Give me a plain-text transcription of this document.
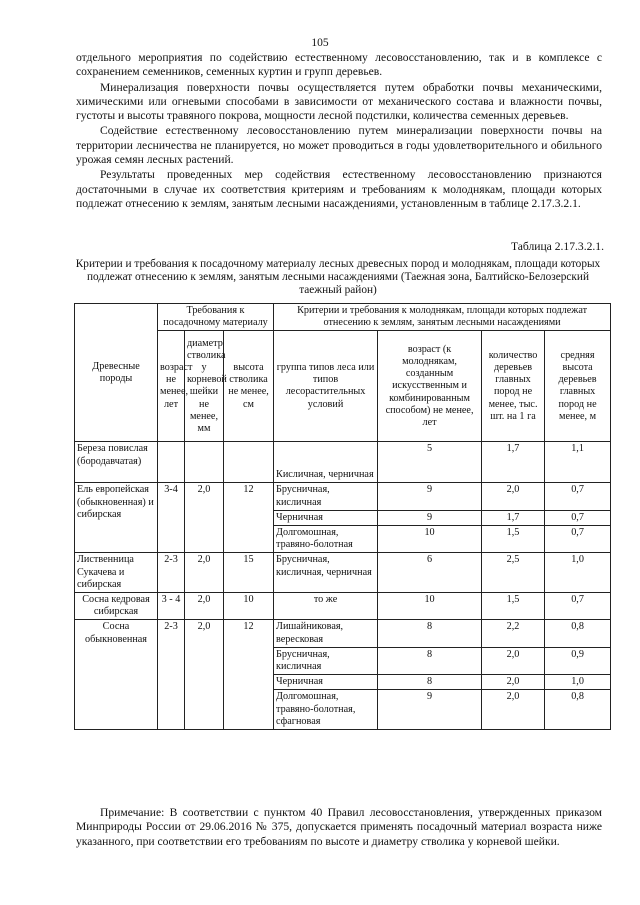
105

отдельного мероприятия по содействию естественному лесовосстановлению, так и в комплексе с сохранением семенников, семенных куртин и групп деревьев.

Минерализация поверхности почвы осуществляется путем обработки почвы механическими, химическими или огневыми способами в зависимости от механического состава и влажности почвы, густоты и высоты травяного покрова, мощности лесной подстилки, количества семенных деревьев.

Содействие естественному лесовосстановлению путем минерализации поверхности почвы на территории лесничества не планируется, но может проводиться в годы удовлетворительного и обильного урожая семян лесных растений.

Результаты проведенных мер содействия естественному лесовосстановлению признаются достаточными в случае их соответствия критериям и требованиям к молоднякам, площади которых подлежат отнесению к землям, занятым лесными насаждениями, установленным в таблице 2.17.3.2.1.

Таблица 2.17.3.2.1.
Критерии и требования к посадочному материалу лесных древесных пород и молоднякам, площади которых подлежат отнесению к землям, занятым лесными насаждениями (Таежная зона, Балтийско-Белозерский таежный район)
Древесные породы	Требования к посадочному материалу			Критерии и требования к молоднякам, площади которых подлежат отнесению к землям, занятым лесными насаждениями			
	возраст не менее, лет	диаметр стволика у корневой шейки не менее, мм	высота стволика не менее, см	группа типов леса или типов лесорастительных условий	возраст (к молоднякам, созданным искусственным и комбинированным способом) не менее, лет	количество деревьев главных пород не менее, тыс. шт. на 1 га	средняя высота деревьев главных пород не менее, м
Береза повислая (бородавчатая)				Кисличная, черничная	5	1,7	1,1
Ель европейская (обыкновенная) и сибирская	3-4	2,0	12	Брусничная, кисличная	9	2,0	0,7
				Черничная	9	1,7	0,7
				Долгомошная, травяно-болотная	10	1,5	0,7
Лиственница Сукачева и сибирская	2-3	2,0	15	Брусничная, кисличная, черничная	6	2,5	1,0
Сосна кедровая сибирская	3 - 4	2,0	10	то же	10	1,5	0,7
Сосна обыкновенная	2-3	2,0	12	Лишайниковая, вересковая	8	2,2	0,8
				Брусничная, кисличная	8	2,0	0,9
				Черничная	8	2,0	1,0
				Долгомошная, травяно-болотная, сфагновая	9	2,0	0,8
Примечание: В соответствии с пунктом 40 Правил лесовосстановления, утвержденных приказом Минприроды России от 29.06.2016 № 375, допускается применять посадочный материал возраста ниже указанного, при соответствии его требованиям по высоте и диаметру стволика у корневой шейки.
